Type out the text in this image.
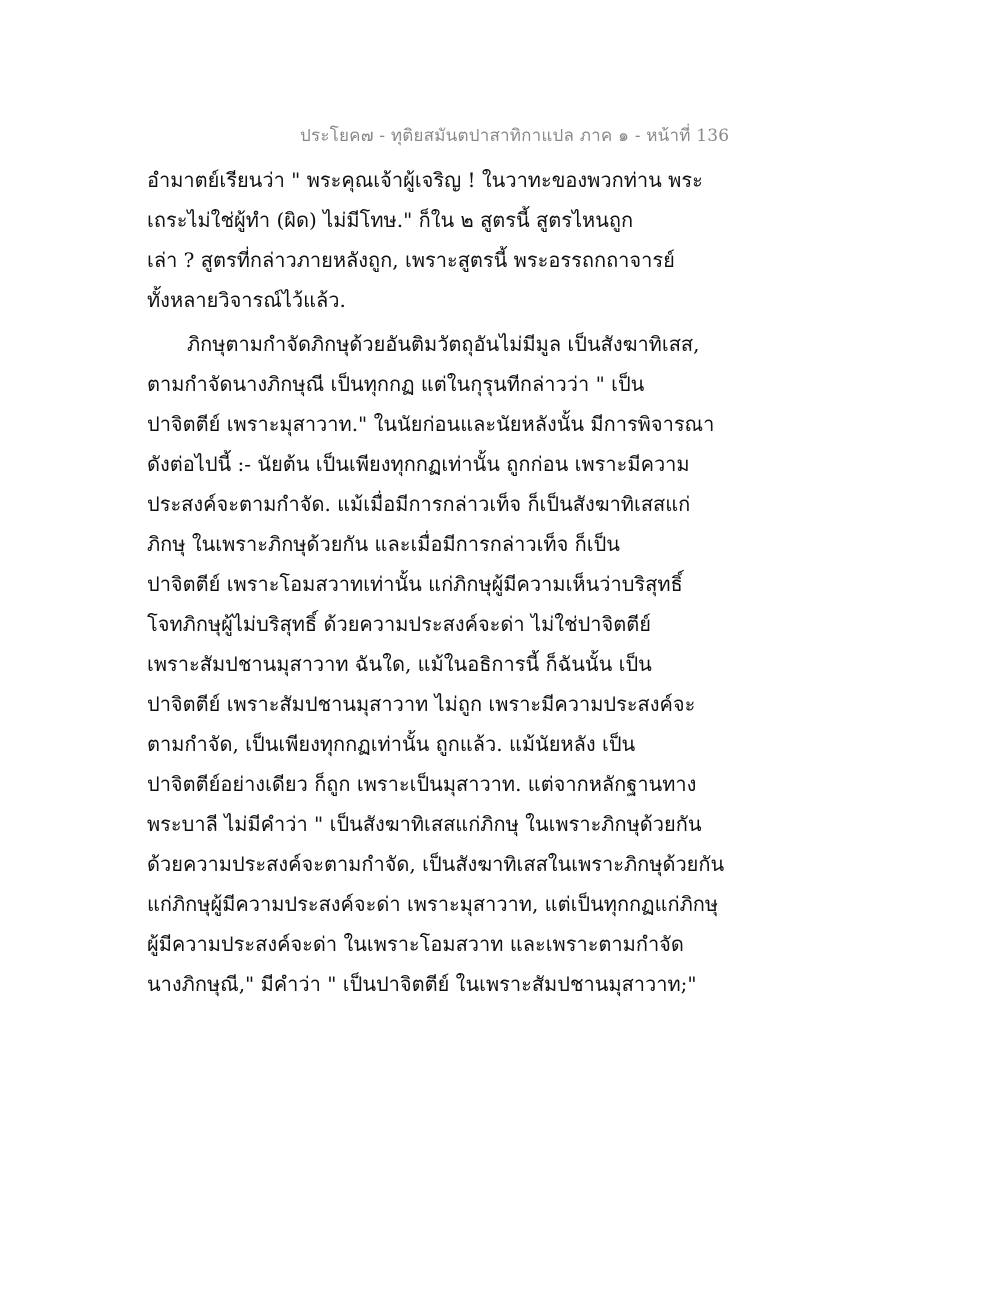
ประโยค๗ - ทุติยสมันตปาสาทิกาแปล ภาค ๑ - หน้าที่ 136
อำมาตย์เรียนว่า " พระคุณเจ้าผู้เจริญ ! ในวาทะของพวกท่าน พระ
เถระไม่ใช่ผู้ทำ (ผิด) ไม่มีโทษ." ก็ใน ๒ สูตรนี้ สูตรไหนถูก
เล่า ? สูตรที่กล่าวภายหลังถูก, เพราะสูตรนี้ พระอรรถกถาจารย์
ทั้งหลายวิจารณ์ไว้แล้ว.
ภิกษุตามกำจัดภิกษุด้วยอันติมวัตถุอันไม่มีมูล เป็นสังฆาทิเสส,
ตามกำจัดนางภิกษุณี เป็นทุกกฏ แต่ในกุรุนทีกล่าวว่า " เป็น
ปาจิตตีย์ เพราะมุสาวาท." ในนัยก่อนและนัยหลังนั้น มีการพิจารณา
ดังต่อไปนี้ :- นัยต้น เป็นเพียงทุกกฏเท่านั้น ถูกก่อน เพราะมีความ
ประสงค์จะตามกำจัด. แม้เมื่อมีการกล่าวเท็จ ก็เป็นสังฆาทิเสสแก่
ภิกษุ ในเพราะภิกษุด้วยกัน และเมื่อมีการกล่าวเท็จ ก็เป็น
ปาจิตตีย์ เพราะโอมสวาทเท่านั้น แก่ภิกษุผู้มีความเห็นว่าบริสุทธิ์
โจทภิกษุผู้ไม่บริสุทธิ์ ด้วยความประสงค์จะด่า ไม่ใช่ปาจิตตีย์
เพราะสัมปชานมุสาวาท ฉันใด, แม้ในอธิการนี้ ก็ฉันนั้น เป็น
ปาจิตตีย์ เพราะสัมปชานมุสาวาท ไม่ถูก เพราะมีความประสงค์จะ
ตามกำจัด, เป็นเพียงทุกกฏเท่านั้น ถูกแล้ว. แม้นัยหลัง เป็น
ปาจิตตีย์อย่างเดียว ก็ถูก เพราะเป็นมุสาวาท. แต่จากหลักฐานทาง
พระบาลี ไม่มีคำว่า " เป็นสังฆาทิเสสแก่ภิกษุ ในเพราะภิกษุด้วยกัน
ด้วยความประสงค์จะตามกำจัด, เป็นสังฆาทิเสสในเพราะภิกษุด้วยกัน
แก่ภิกษุผู้มีความประสงค์จะด่า เพราะมุสาวาท, แต่เป็นทุกกฏแก่ภิกษุ
ผู้มีความประสงค์จะด่า ในเพราะโอมสวาท และเพราะตามกำจัด
นางภิกษุณี," มีคำว่า " เป็นปาจิตตีย์ ในเพราะสัมปชานมุสาวาท;"
